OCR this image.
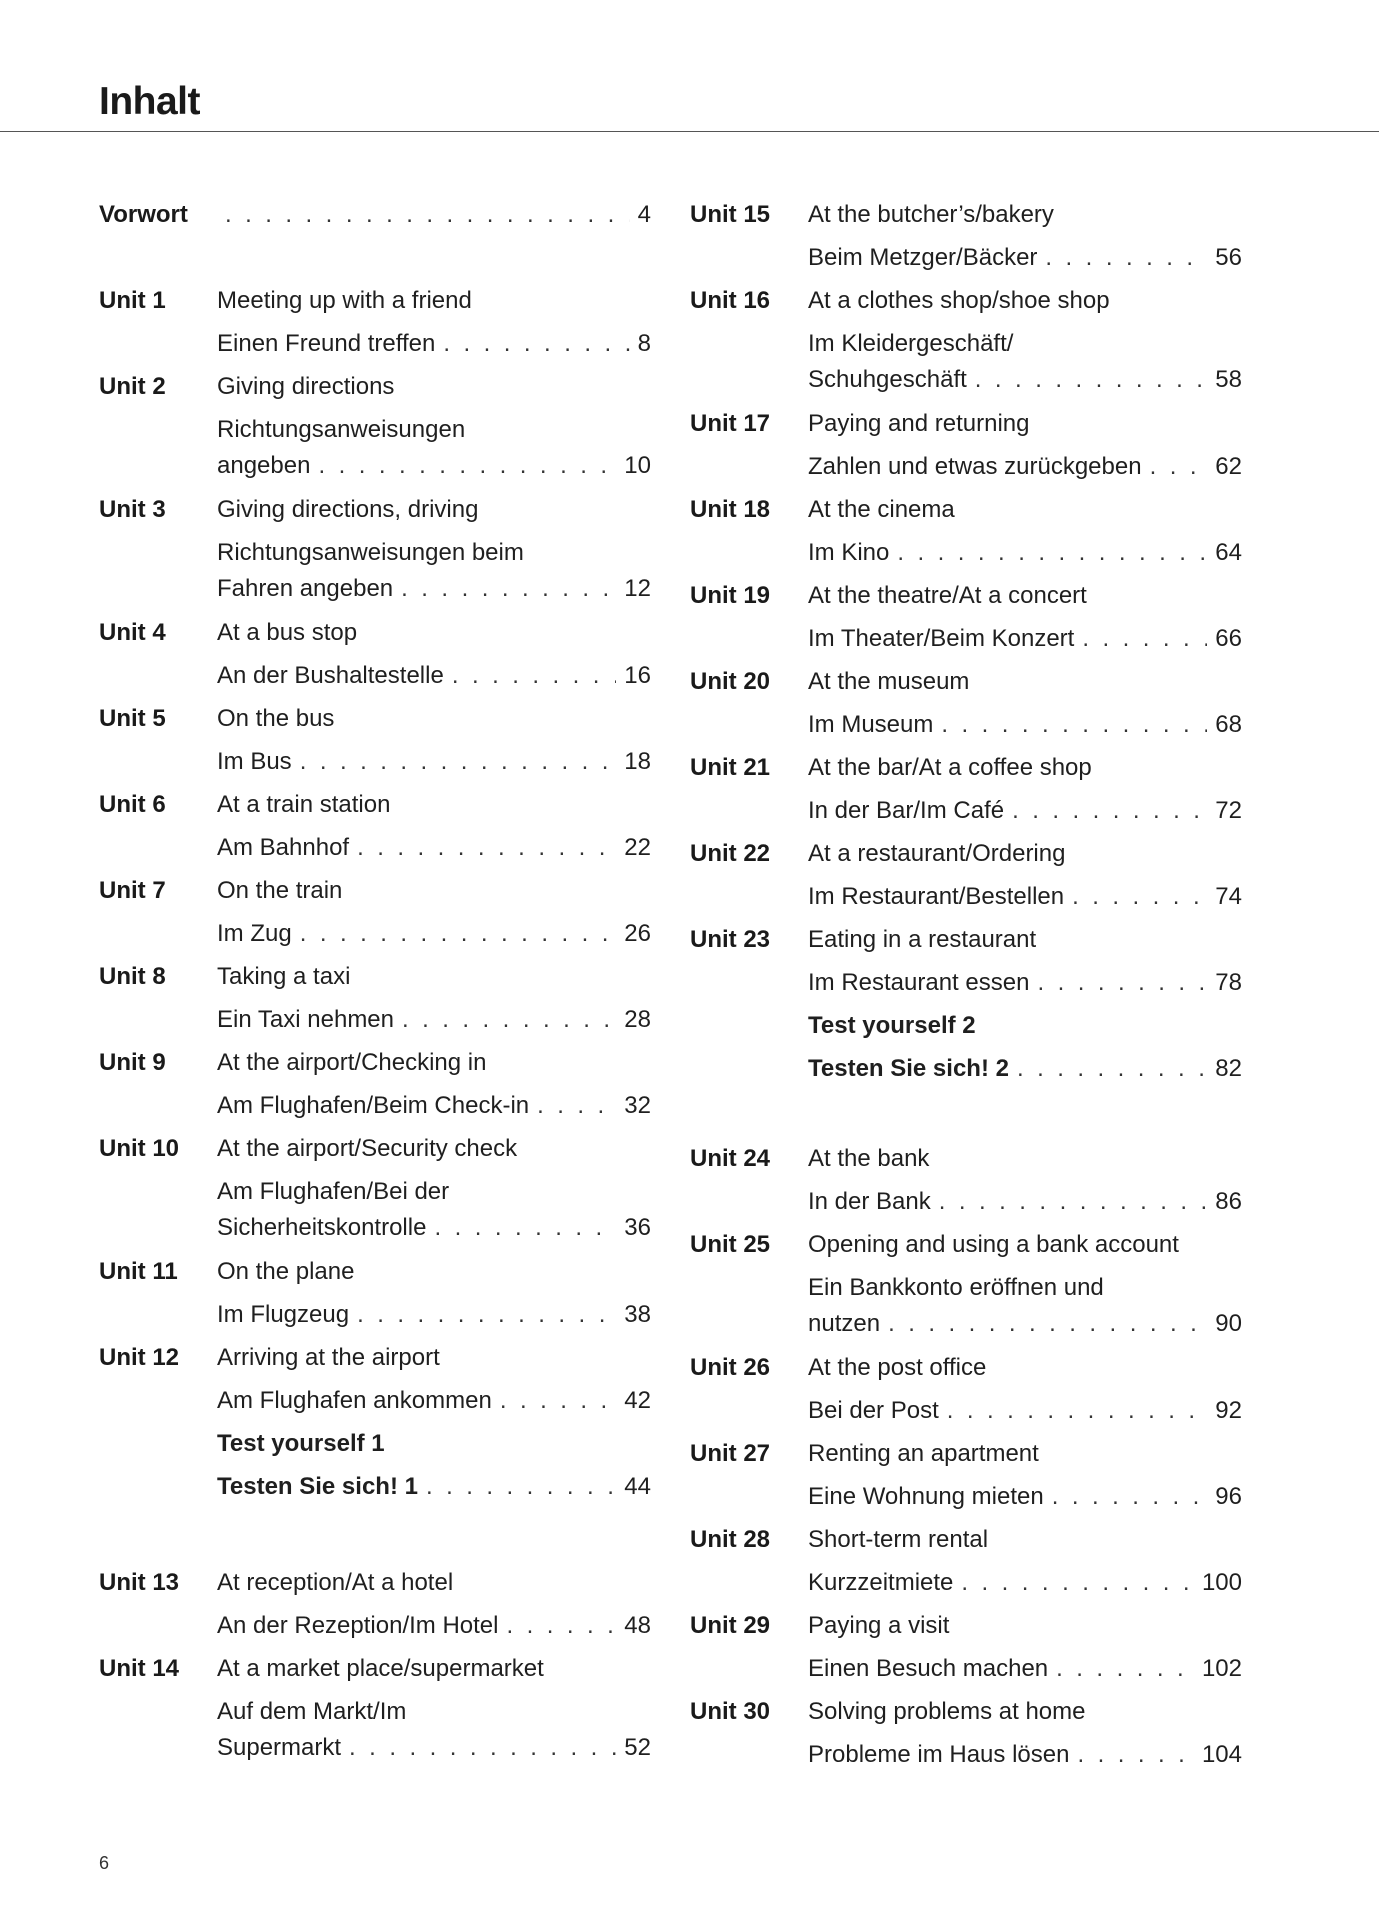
Inhalt
Vorwort . . .	4
Unit 1 Meeting up with a friend
Einen Freund treffen . . .	8
Unit 2 Giving directions
Richtungsanweisungen
angeben . . .	10
Unit 3 Giving directions, driving
Richtungsanweisungen beim
Fahren angeben . . .	12
Unit 4 At a bus stop
An der Bushaltestelle . . .	16
Unit 5 On the bus
Im Bus . . .	18
Unit 6 At a train station
Am Bahnhof . . .	22
Unit 7 On the train
Im Zug . . .	26
Unit 8 Taking a taxi
Ein Taxi nehmen . . .	28
Unit 9 At the airport/Checking in
Am Flughafen/Beim Check-in . . .	32
Unit 10 At the airport/Security check
Am Flughafen/Bei der
Sicherheitskontrolle . . .	36
Unit 11 On the plane
Im Flugzeug . . .	38
Unit 12 Arriving at the airport
Am Flughafen ankommen . . .	42
Test yourself 1
Testen Sie sich! 1 . . .	44
Unit 13 At reception/At a hotel
An der Rezeption/Im Hotel . . .	48
Unit 14 At a market place/supermarket
Auf dem Markt/Im
Supermarkt . . .	52
Unit 15 At the butcher’s/bakery
Beim Metzger/Bäcker . . .	56
Unit 16 At a clothes shop/shoe shop
Im Kleidergeschäft/
Schuhgeschäft . . .	58
Unit 17 Paying and returning
Zahlen und etwas zurückgeben . . .	62
Unit 18 At the cinema
Im Kino . . .	64
Unit 19 At the theatre/At a concert
Im Theater/Beim Konzert . . .	66
Unit 20 At the museum
Im Museum . . .	68
Unit 21 At the bar/At a coffee shop
In der Bar/Im Café . . .	72
Unit 22 At a restaurant/Ordering
Im Restaurant/Bestellen . . .	74
Unit 23 Eating in a restaurant
Im Restaurant essen . . .	78
Test yourself 2
Testen Sie sich! 2 . . .	82
Unit 24 At the bank
In der Bank . . .	86
Unit 25 Opening and using a bank account
Ein Bankkonto eröffnen und
nutzen . . .	90
Unit 26 At the post office
Bei der Post . . .	92
Unit 27 Renting an apartment
Eine Wohnung mieten . . .	96
Unit 28 Short-term rental
Kurzzeitmiete . . .	100
Unit 29 Paying a visit
Einen Besuch machen . . .	102
Unit 30 Solving problems at home
Probleme im Haus lösen . . .	104
6
